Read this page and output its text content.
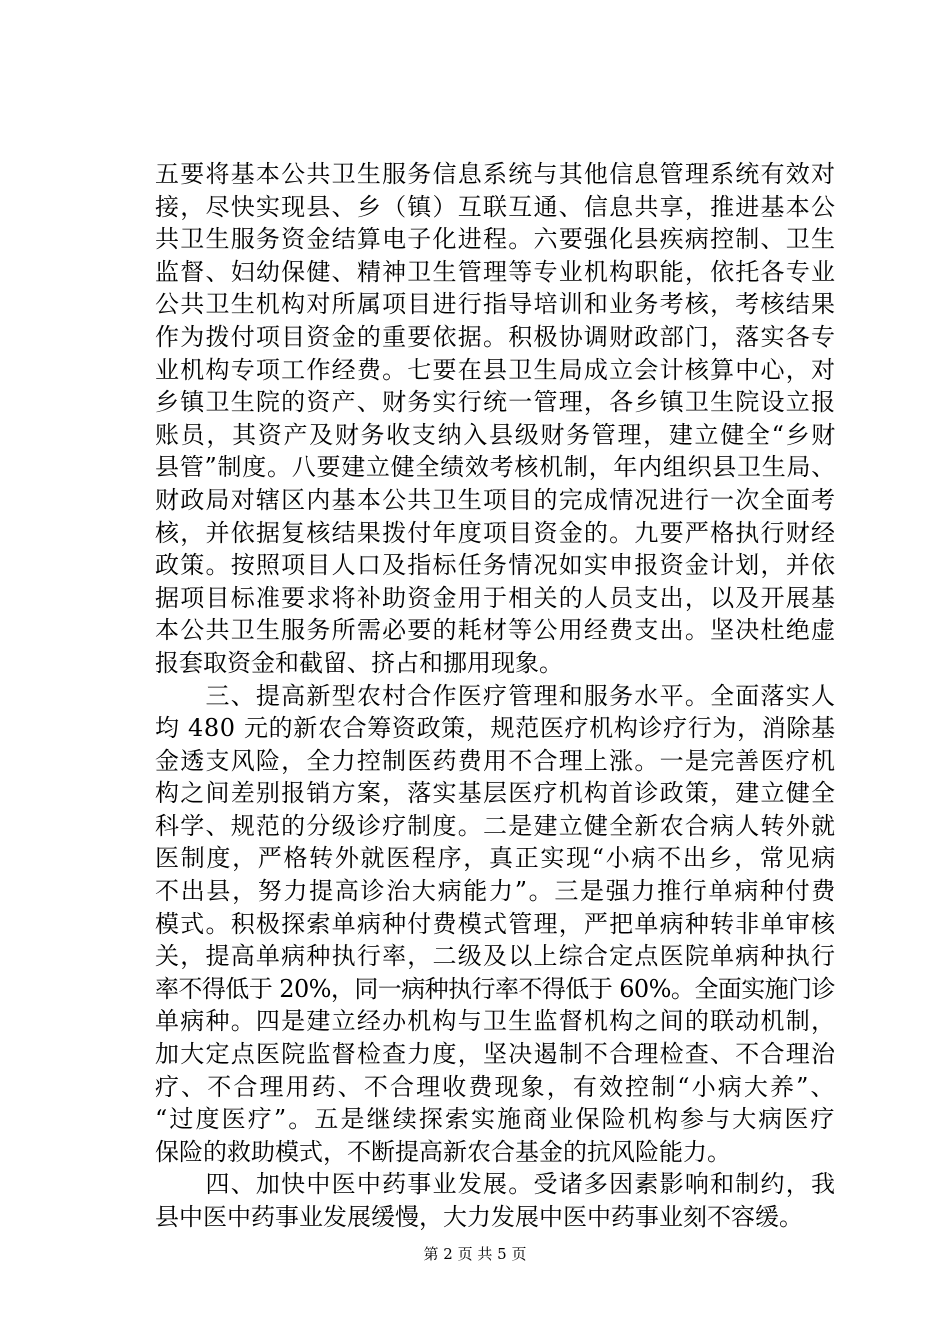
五要将基本公共卫生服务信息系统与其他信息管理系统有效对
接，尽快实现县、乡（镇）互联互通、信息共享，推进基本公
共卫生服务资金结算电子化进程。六要强化县疾病控制、卫生
监督、妇幼保健、精神卫生管理等专业机构职能，依托各专业
公共卫生机构对所属项目进行指导培训和业务考核，考核结果
作为拨付项目资金的重要依据。积极协调财政部门，落实各专
业机构专项工作经费。七要在县卫生局成立会计核算中心，对
乡镇卫生院的资产、财务实行统一管理，各乡镇卫生院设立报
账员，其资产及财务收支纳入县级财务管理，建立健全“乡财
县管”制度。八要建立健全绩效考核机制，年内组织县卫生局、
财政局对辖区内基本公共卫生项目的完成情况进行一次全面考
核，并依据复核结果拨付年度项目资金的。九要严格执行财经
政策。按照项目人口及指标任务情况如实申报资金计划，并依
据项目标准要求将补助资金用于相关的人员支出，以及开展基
本公共卫生服务所需必要的耗材等公用经费支出。坚决杜绝虚
报套取资金和截留、挤占和挪用现象。
　　三、提高新型农村合作医疗管理和服务水平。全面落实人
均 480 元的新农合筹资政策，规范医疗机构诊疗行为，消除基
金透支风险，全力控制医药费用不合理上涨。一是完善医疗机
构之间差别报销方案，落实基层医疗机构首诊政策，建立健全
科学、规范的分级诊疗制度。二是建立健全新农合病人转外就
医制度，严格转外就医程序，真正实现“小病不出乡，常见病
不出县，努力提高诊治大病能力”。三是强力推行单病种付费
模式。积极探索单病种付费模式管理，严把单病种转非单审核
关，提高单病种执行率，二级及以上综合定点医院单病种执行
率不得低于 20%，同一病种执行率不得低于 60%。全面实施门诊
单病种。四是建立经办机构与卫生监督机构之间的联动机制，
加大定点医院监督检查力度，坚决遏制不合理检查、不合理治
疗、不合理用药、不合理收费现象，有效控制“小病大养”、
“过度医疗”。五是继续探索实施商业保险机构参与大病医疗
保险的救助模式，不断提高新农合基金的抗风险能力。
　　四、加快中医中药事业发展。受诸多因素影响和制约，我
县中医中药事业发展缓慢，大力发展中医中药事业刻不容缓。
第 2 页 共 5 页
